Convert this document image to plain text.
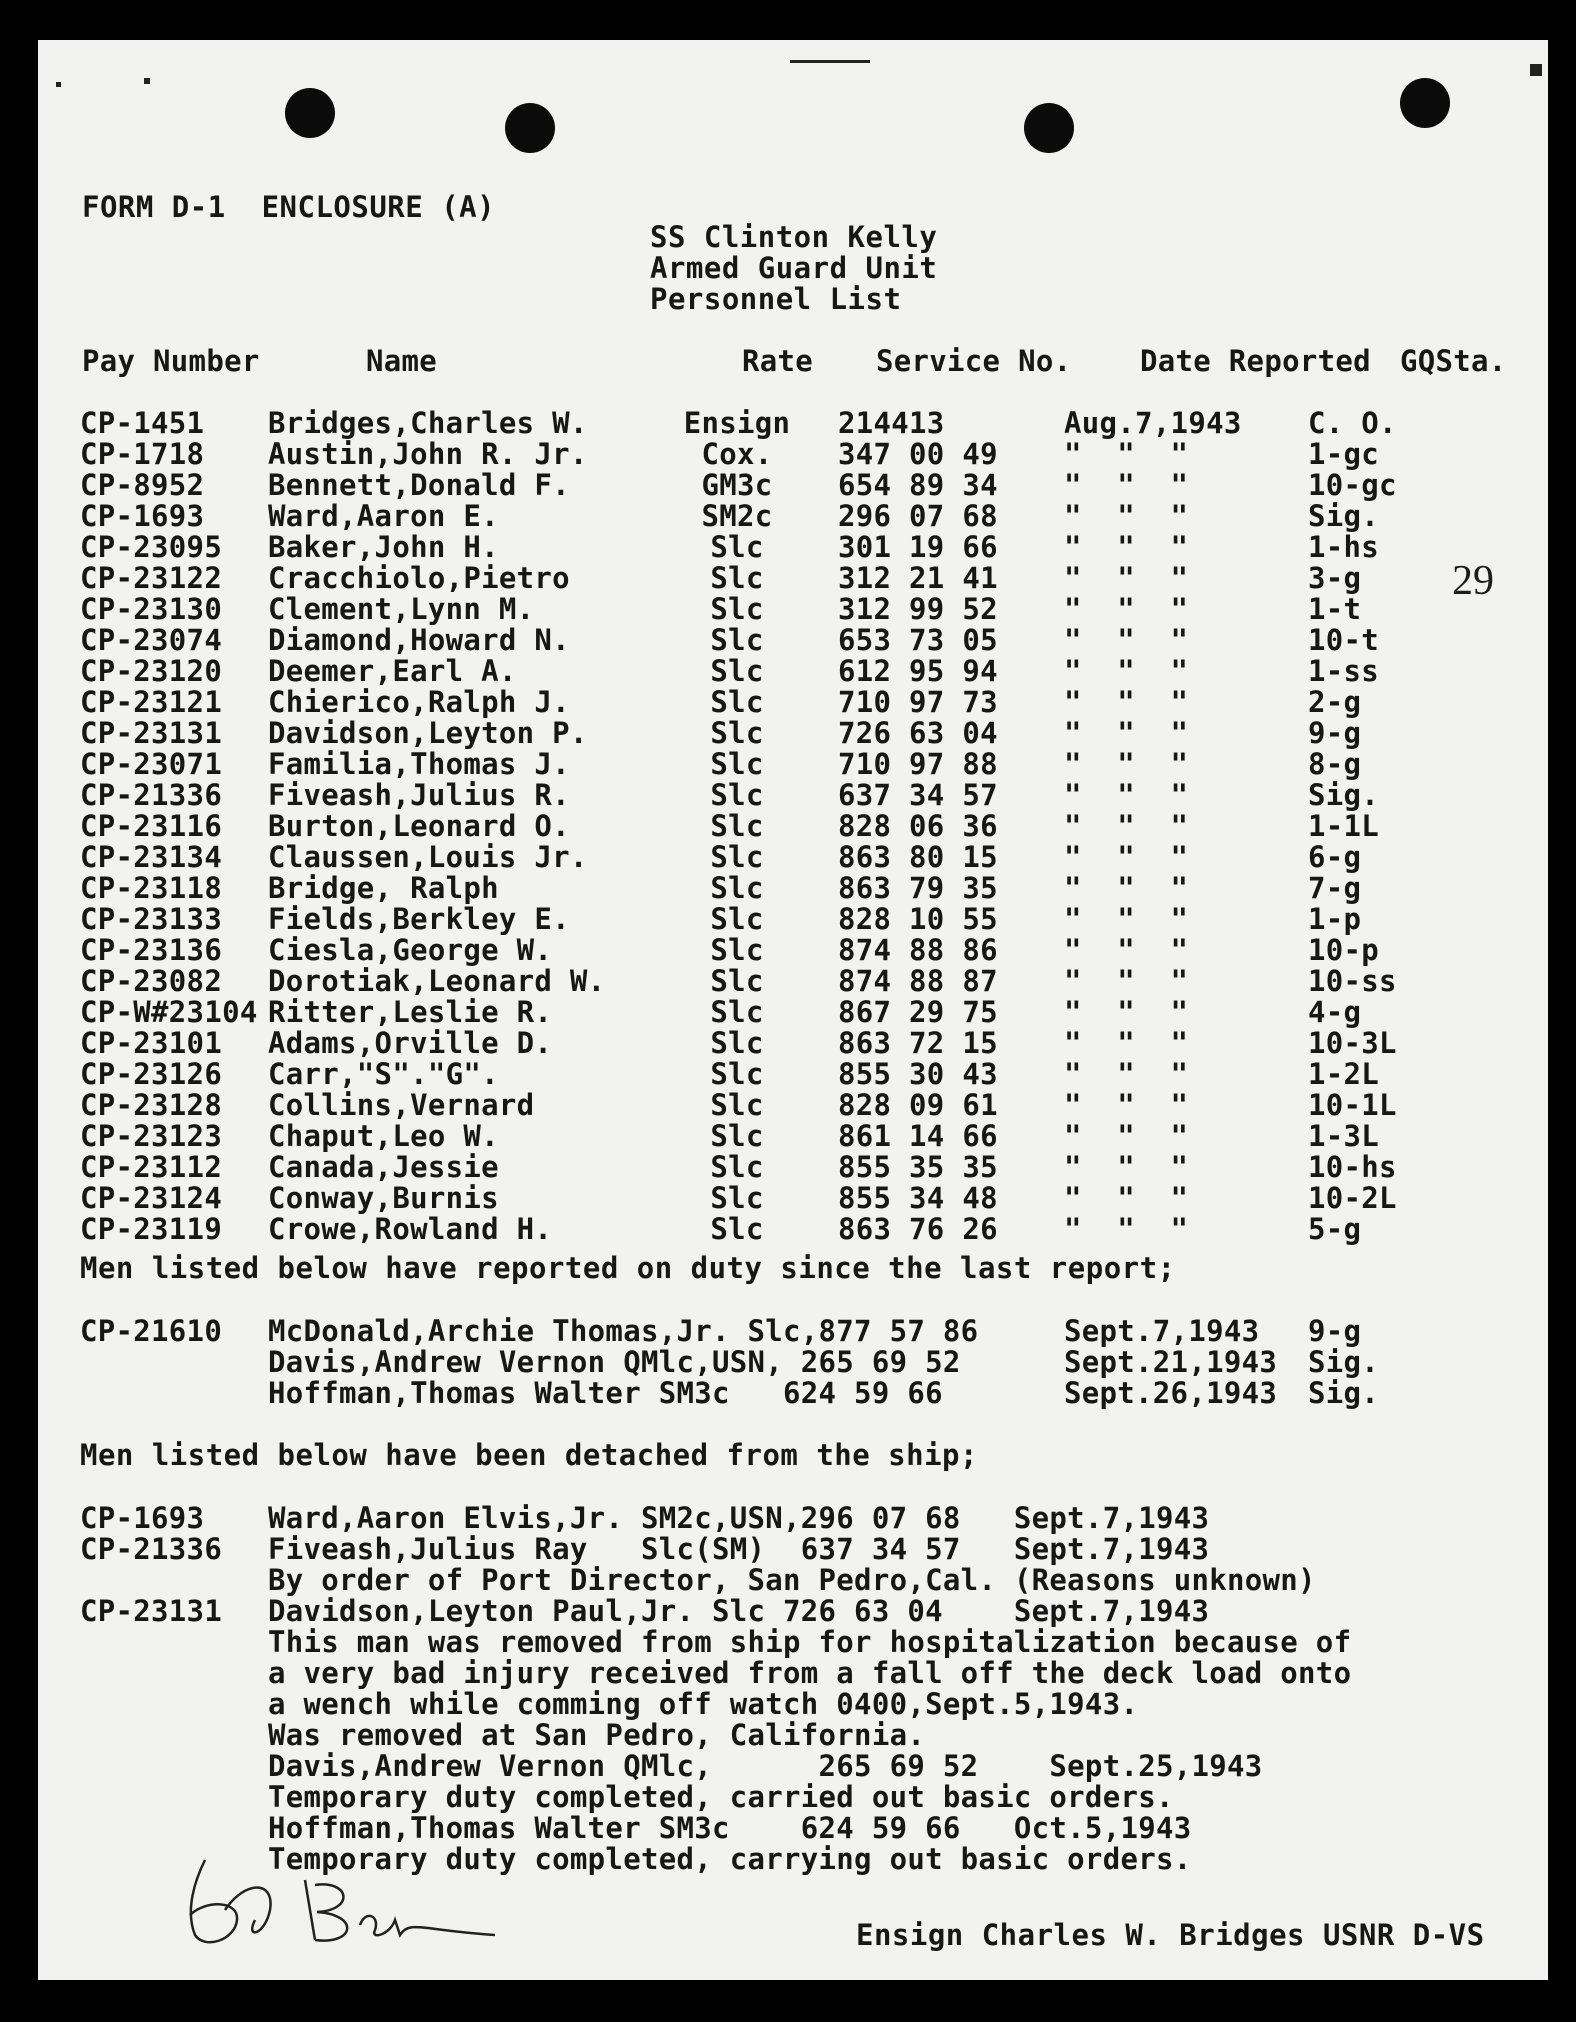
FORM D-1  ENCLOSURE (A)
SS Clinton Kelly
Armed Guard Unit
Personnel List
Pay Number	Name	Rate Service No. Date Reported GQSta.
CP-1451 Bridges,Charles W.	Ensign	214413	Aug.7,1943 C. O.
CP-1718 Austin,John R. Jr.	Cox.	347 00 49 "  "  "	1-gc
CP-8952 Bennett,Donald F.	GM3c	654 89 34 "  "  "	10-gc
CP-1693 Ward,Aaron E.	SM2c	296 07 68 "  "  "	Sig.
CP-23095 Baker,John H.	Slc	301 19 66 "  "  "	1-hs
CP-23122 Cracchiolo,Pietro	Slc	312 21 41 "  "  "	3-g
CP-23130 Clement,Lynn M.	Slc	312 99 52 "  "  "	1-t
CP-23074 Diamond,Howard N.	Slc	653 73 05 "  "  "	10-t
CP-23120 Deemer,Earl A.	Slc	612 95 94 "  "  "	1-ss
CP-23121 Chierico,Ralph J.	Slc	710 97 73 "  "  "	2-g
CP-23131 Davidson,Leyton P.	Slc	726 63 04 "  "  "	9-g
CP-23071 Familia,Thomas J.	Slc	710 97 88 "  "  "	8-g
CP-21336 Fiveash,Julius R.	Slc	637 34 57 "  "  "	Sig.
CP-23116 Burton,Leonard O.	Slc	828 06 36 "  "  "	1-1L
CP-23134 Claussen,Louis Jr.	Slc	863 80 15 "  "  "	6-g
CP-23118 Bridge, Ralph	Slc	863 79 35 "  "  "	7-g
CP-23133 Fields,Berkley E.	Slc	828 10 55 "  "  "	1-p
CP-23136 Ciesla,George W.	Slc	874 88 86 "  "  "	10-p
CP-23082 Dorotiak,Leonard W.	Slc	874 88 87 "  "  "	10-ss
CP-W#23104 Ritter,Leslie R.	Slc	867 29 75 "  "  "	4-g
CP-23101 Adams,Orville D.	Slc	863 72 15 "  "  "	10-3L
CP-23126 Carr,"S"."G".	Slc	855 30 43 "  "  "	1-2L
CP-23128 Collins,Vernard	Slc	828 09 61 "  "  "	10-1L
CP-23123 Chaput,Leo W.	Slc	861 14 66 "  "  "	1-3L
CP-23112 Canada,Jessie	Slc	855 35 35 "  "  "	10-hs
CP-23124 Conway,Burnis	Slc	855 34 48 "  "  "	10-2L
CP-23119 Crowe,Rowland H.	Slc	863 76 26 "  "  "	5-g
29
Men listed below have reported on duty since the last report;
CP-21610 McDonald,Archie Thomas,Jr. Slc,877 57 86	Sept.7,1943 9-g
Davis,Andrew Vernon QMlc,USN, 265 69 52	Sept.21,1943 Sig.
Hoffman,Thomas Walter SM3c   624 59 66	Sept.26,1943 Sig.
Men listed below have been detached from the ship;
CP-1693 Ward,Aaron Elvis,Jr. SM2c,USN,296 07 68   Sept.7,1943
CP-21336 Fiveash,Julius Ray   Slc(SM)  637 34 57   Sept.7,1943
By order of Port Director, San Pedro,Cal. (Reasons unknown)
CP-23131 Davidson,Leyton Paul,Jr. Slc 726 63 04    Sept.7,1943
This man was removed from ship for hospitalization because of
a very bad injury received from a fall off the deck load onto
a wench while comming off watch 0400,Sept.5,1943.
Was removed at San Pedro, California.
Davis,Andrew Vernon QMlc,      265 69 52    Sept.25,1943
Temporary duty completed, carried out basic orders.
Hoffman,Thomas Walter SM3c    624 59 66   Oct.5,1943
Temporary duty completed, carrying out basic orders.
Ensign Charles W. Bridges USNR D-VS
